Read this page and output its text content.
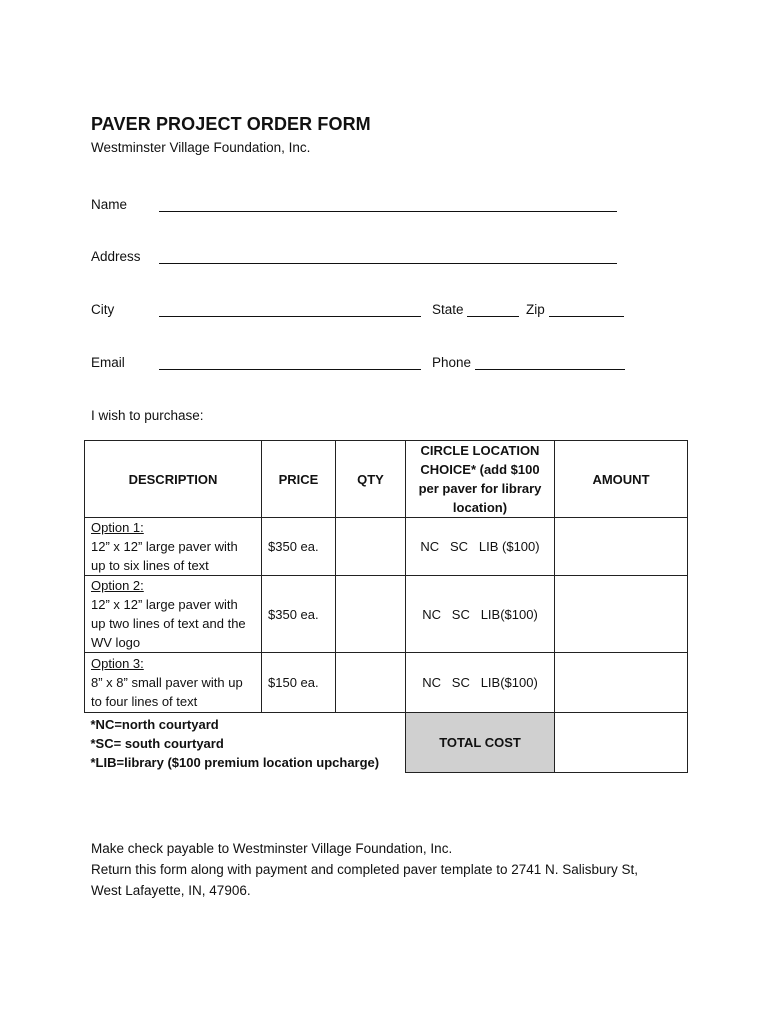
PAVER PROJECT ORDER FORM
Westminster Village Foundation, Inc.
Name
Address
City	State	Zip
Email	Phone
I wish to purchase:
DESCRIPTION	PRICE	QTY	CIRCLE LOCATION CHOICE* (add $100 per paver for library location)	AMOUNT
Option 1:
12” x 12” large paver with up to six lines of text	$350 ea.		NC   SC   LIB ($100)	
Option 2:
12” x 12” large paver with up two lines of text and the WV logo	$350 ea.		NC   SC   LIB($100)	
Option 3:
8” x 8” small paver with up to four lines of text	$150 ea.		NC   SC   LIB($100)	
*NC=north courtyard
*SC= south courtyard
*LIB=library ($100 premium location upcharge)			TOTAL COST	
Make check payable to Westminster Village Foundation, Inc.
Return this form along with payment and completed paver template to 2741 N. Salisbury St,
West Lafayette, IN, 47906.
